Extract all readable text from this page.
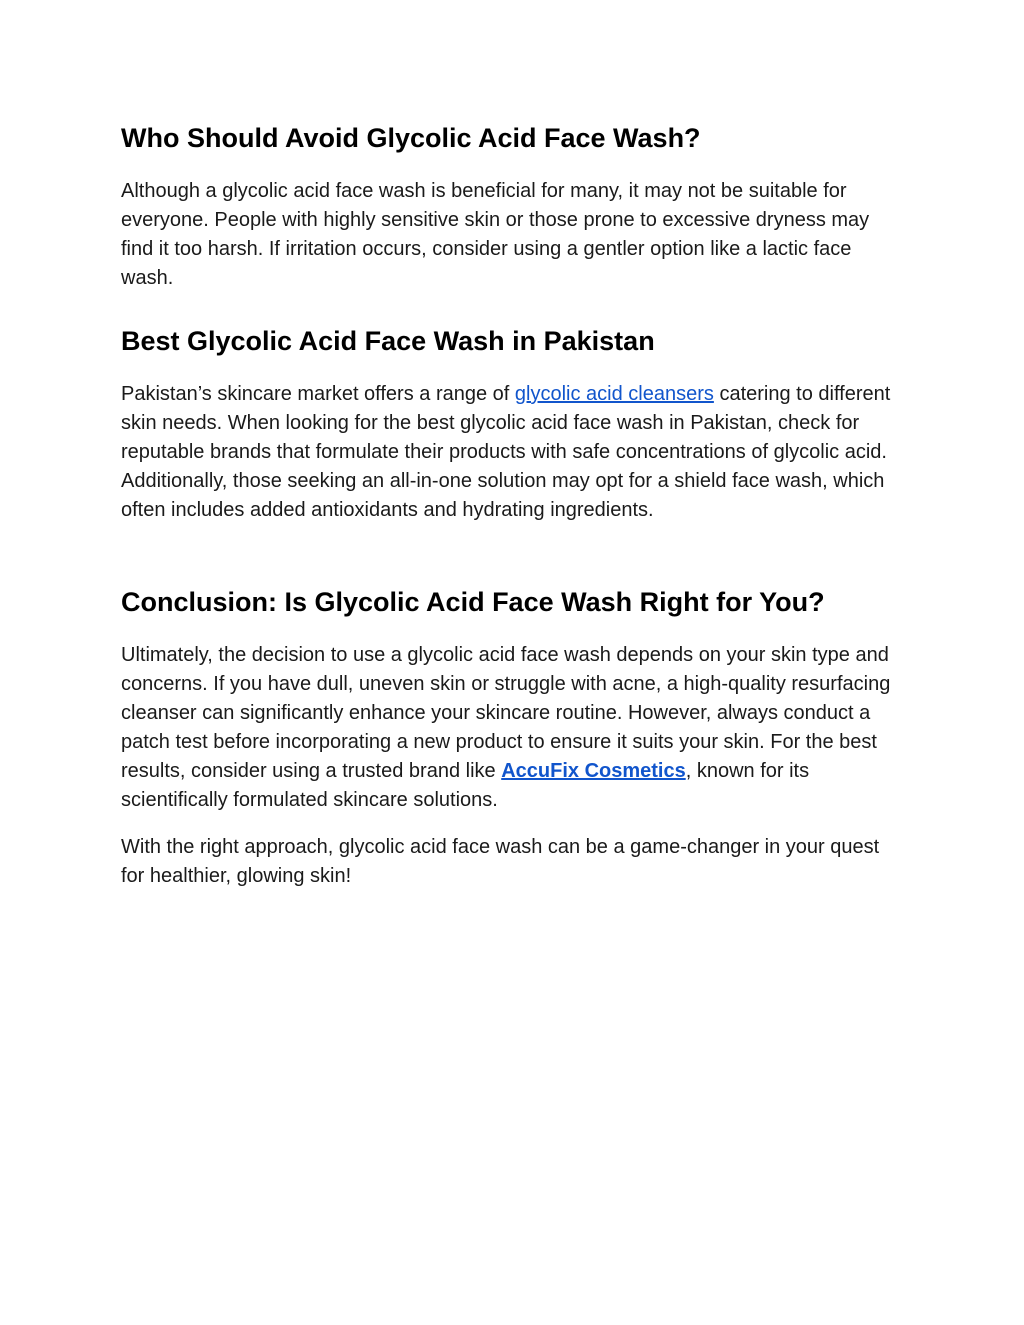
Who Should Avoid Glycolic Acid Face Wash?

Although a glycolic acid face wash is beneficial for many, it may not be suitable for everyone. People with highly sensitive skin or those prone to excessive dryness may find it too harsh. If irritation occurs, consider using a gentler option like a lactic face wash.

Best Glycolic Acid Face Wash in Pakistan

Pakistan’s skincare market offers a range of glycolic acid cleansers catering to different skin needs. When looking for the best glycolic acid face wash in Pakistan, check for reputable brands that formulate their products with safe concentrations of glycolic acid. Additionally, those seeking an all-in-one solution may opt for a shield face wash, which often includes added antioxidants and hydrating ingredients.

Conclusion: Is Glycolic Acid Face Wash Right for You?

Ultimately, the decision to use a glycolic acid face wash depends on your skin type and concerns. If you have dull, uneven skin or struggle with acne, a high-quality resurfacing cleanser can significantly enhance your skincare routine. However, always conduct a patch test before incorporating a new product to ensure it suits your skin. For the best results, consider using a trusted brand like AccuFix Cosmetics, known for its scientifically formulated skincare solutions.

With the right approach, glycolic acid face wash can be a game-changer in your quest for healthier, glowing skin!
